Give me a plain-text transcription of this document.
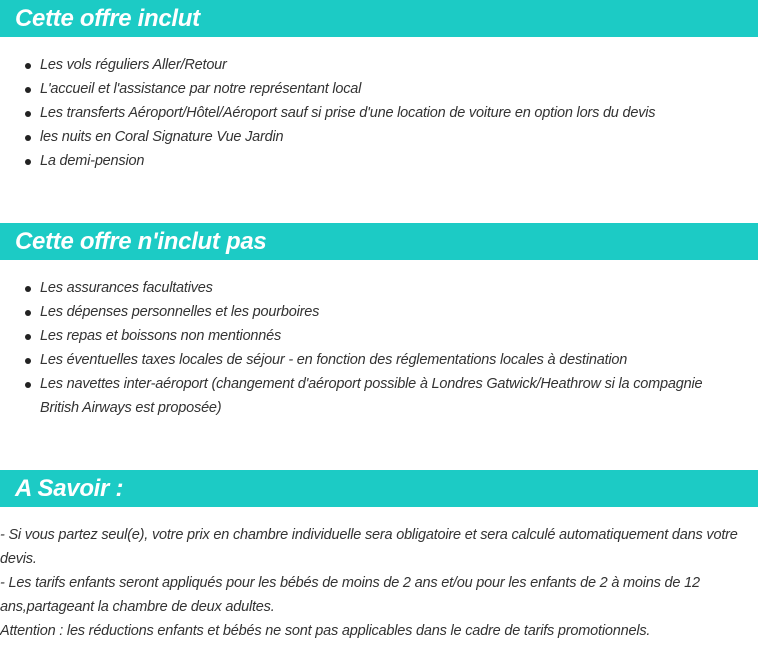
Cette offre inclut
Les vols réguliers Aller/Retour
L'accueil et l'assistance par notre représentant local
Les transferts Aéroport/Hôtel/Aéroport sauf si prise d'une location de voiture en option lors du devis
les nuits en Coral Signature Vue Jardin
La demi-pension
Cette offre n'inclut pas
Les assurances facultatives
Les dépenses personnelles et les pourboires
Les repas et boissons non mentionnés
Les éventuelles taxes locales de séjour - en fonction des réglementations locales à destination
Les navettes inter-aéroport (changement d'aéroport possible à Londres Gatwick/Heathrow si la compagnie British Airways est proposée)
A Savoir :

- Si vous partez seul(e), votre prix en chambre individuelle sera obligatoire et sera calculé automatiquement dans votre devis.

- Les tarifs enfants seront appliqués pour les bébés de moins de 2 ans et/ou pour les enfants de 2 à moins de 12 ans,partageant la chambre de deux adultes.

Attention : les réductions enfants et bébés ne sont pas applicables dans le cadre de tarifs promotionnels.
